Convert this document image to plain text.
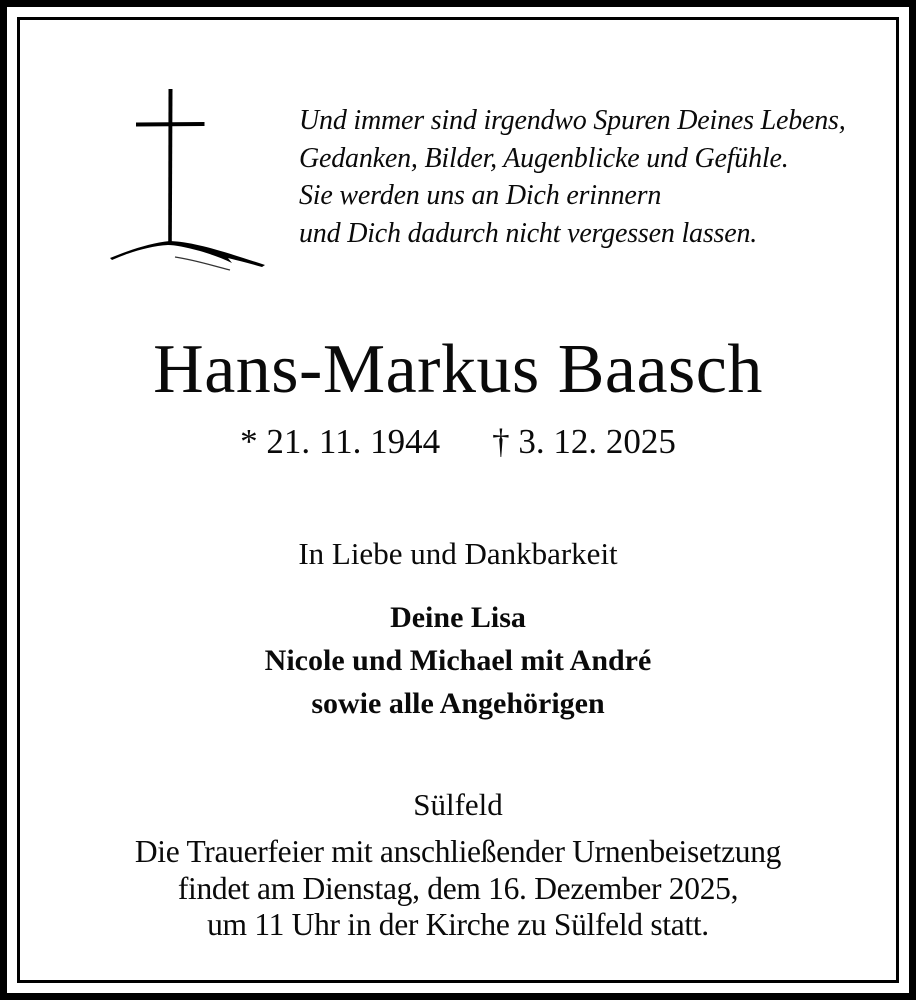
Und immer sind irgendwo Spuren Deines Lebens,
Gedanken, Bilder, Augenblicke und Gefühle.
Sie werden uns an Dich erinnern
und Dich dadurch nicht vergessen lassen.
Hans-Markus Baasch
* 21. 11. 1944 † 3. 12. 2025
In Liebe und Dankbarkeit
Deine Lisa
Nicole und Michael mit André
sowie alle Angehörigen
Sülfeld
Die Trauerfeier mit anschließender Urnenbeisetzung
findet am Dienstag, dem 16. Dezember 2025,
um 11 Uhr in der Kirche zu Sülfeld statt.
